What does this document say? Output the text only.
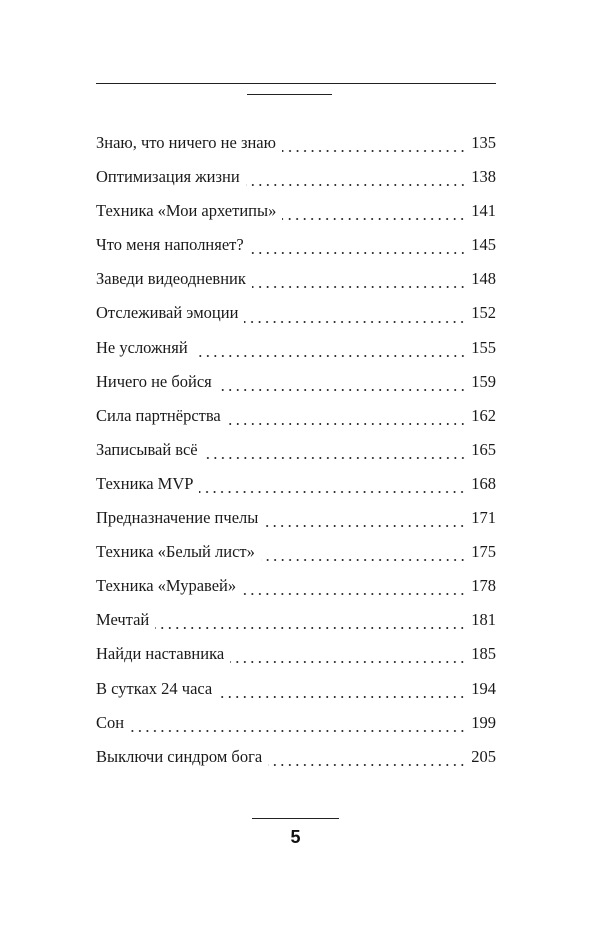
Знаю, что ничего не знаю	135
Оптимизация жизни	138
Техника «Мои архетипы»	141
Что меня наполняет?	145
Заведи видеодневник	148
Отслеживай эмоции	152
Не усложняй	155
Ничего не бойся	159
Сила партнёрства	162
Записывай всё	165
Техника MVP	168
Предназначение пчелы	171
Техника «Белый лист»	175
Техника «Муравей»	178
Мечтай	181
Найди наставника	185
В сутках 24 часа	194
Сон	199
Выключи синдром бога	205
5
